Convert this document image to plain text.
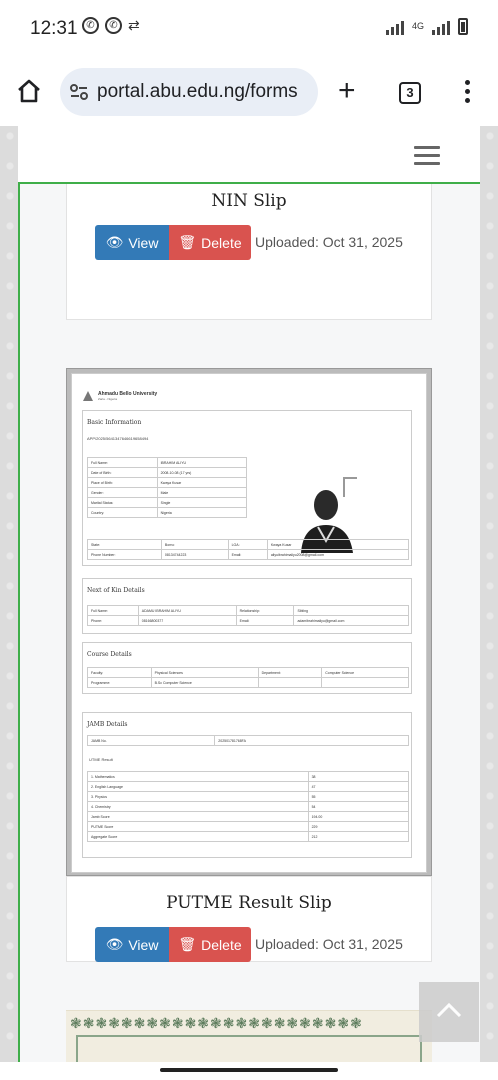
12:31 ✆	✆ ⇄	4G
portal.abu.edu.ng/forms +	3
NIN Slip
👁 View 🗑 Delete Uploaded: Oct 31, 2025
Ahmadu Bello University
Zaria - Nigeria
Basic Information
APP/2025/5641347646619658494
Full Name:	IBRAHIM ALIYU
Date of Birth:	2008-10-08 (17 yrs)
Place of Birth:	Kwaya Kusar
Gender:	Male
Marital Status:	Single
Country:	Nigeria
State:	Borno	LGA:	Kwaya Kusar
Phone Number:	08134744223	Email:	aliyuibrahimaliyu2008@gmail.com
Next of Kin Details
Full Name:	ADAMU IBRAHIM ALIYU	Relationship:	Sibling
Phone:	08166800377	Email:	adamibrahimaliyu@gmail.com
Course Details
Faculty:	Physical Sciences	Department:	Computer Science
Programme:	B.Sc Computer Science		
JAMB Details
JAMB No.	202501781768FA
UTME Result
1. Mathematics	38
2. English Language	47
3. Physics	55
4. Chemistry	54
Jamb Score	194.00
PUTME Score	229
Aggregate Score	212
PUTME Result Slip
👁 View 🗑 Delete Uploaded: Oct 31, 2025
❃❃❃❃❃❃❃❃❃❃❃❃❃❃❃❃❃❃❃❃❃❃❃
